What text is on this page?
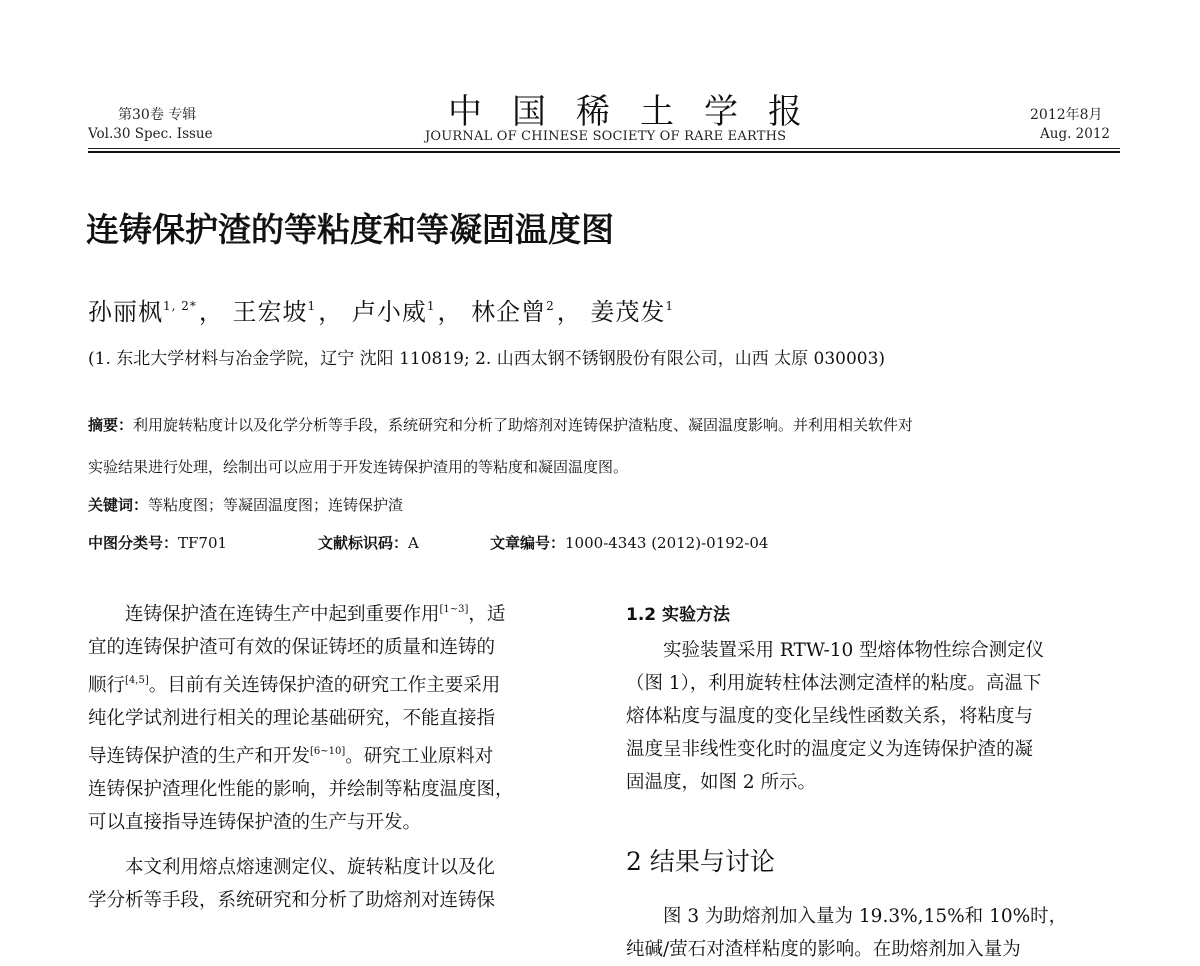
第30卷 专辑
Vol.30 Spec. Issue
中国稀土学报
JOURNAL OF CHINESE SOCIETY OF RARE EARTHS
2012年8月
Aug. 2012
连铸保护渣的等粘度和等凝固温度图
孙丽枫$^{1, 2*}$， 王宏坡$^1$， 卢小威$^1$， 林企曾$^2$， 姜茂发$^1$
(1. 东北大学材料与冶金学院，辽宁 沈阳 110819; 2. 山西太钢不锈钢股份有限公司，山西 太原 030003)
摘要：利用旋转粘度计以及化学分析等手段，系统研究和分析了助熔剂对连铸保护渣粘度、凝固温度影响。并利用相关软件对
实验结果进行处理，绘制出可以应用于开发连铸保护渣用的等粘度和凝固温度图。
关键词：等粘度图；等凝固温度图；连铸保护渣
中图分类号：TF701	文献标识码：A	文章编号：1000-4343 (2012)-0192-04

连铸保护渣在连铸生产中起到重要作用[1~3]，适

宜的连铸保护渣可有效的保证铸坯的质量和连铸的

顺行[4,5]。目前有关连铸保护渣的研究工作主要采用

纯化学试剂进行相关的理论基础研究，不能直接指

导连铸保护渣的生产和开发[6~10]。研究工业原料对

连铸保护渣理化性能的影响，并绘制等粘度温度图，

可以直接指导连铸保护渣的生产与开发。

本文利用熔点熔速测定仪、旋转粘度计以及化

学分析等手段，系统研究和分析了助熔剂对连铸保

1.2 实验方法

实验装置采用 RTW-10 型熔体物性综合测定仪

（图 1），利用旋转柱体法测定渣样的粘度。高温下

熔体粘度与温度的变化呈线性函数关系，将粘度与

温度呈非线性变化时的温度定义为连铸保护渣的凝

固温度，如图 2 所示。

2 结果与讨论

图 3 为助熔剂加入量为 19.3%,15%和 10%时，

纯碱/萤石对渣样粘度的影响。在助熔剂加入量为
